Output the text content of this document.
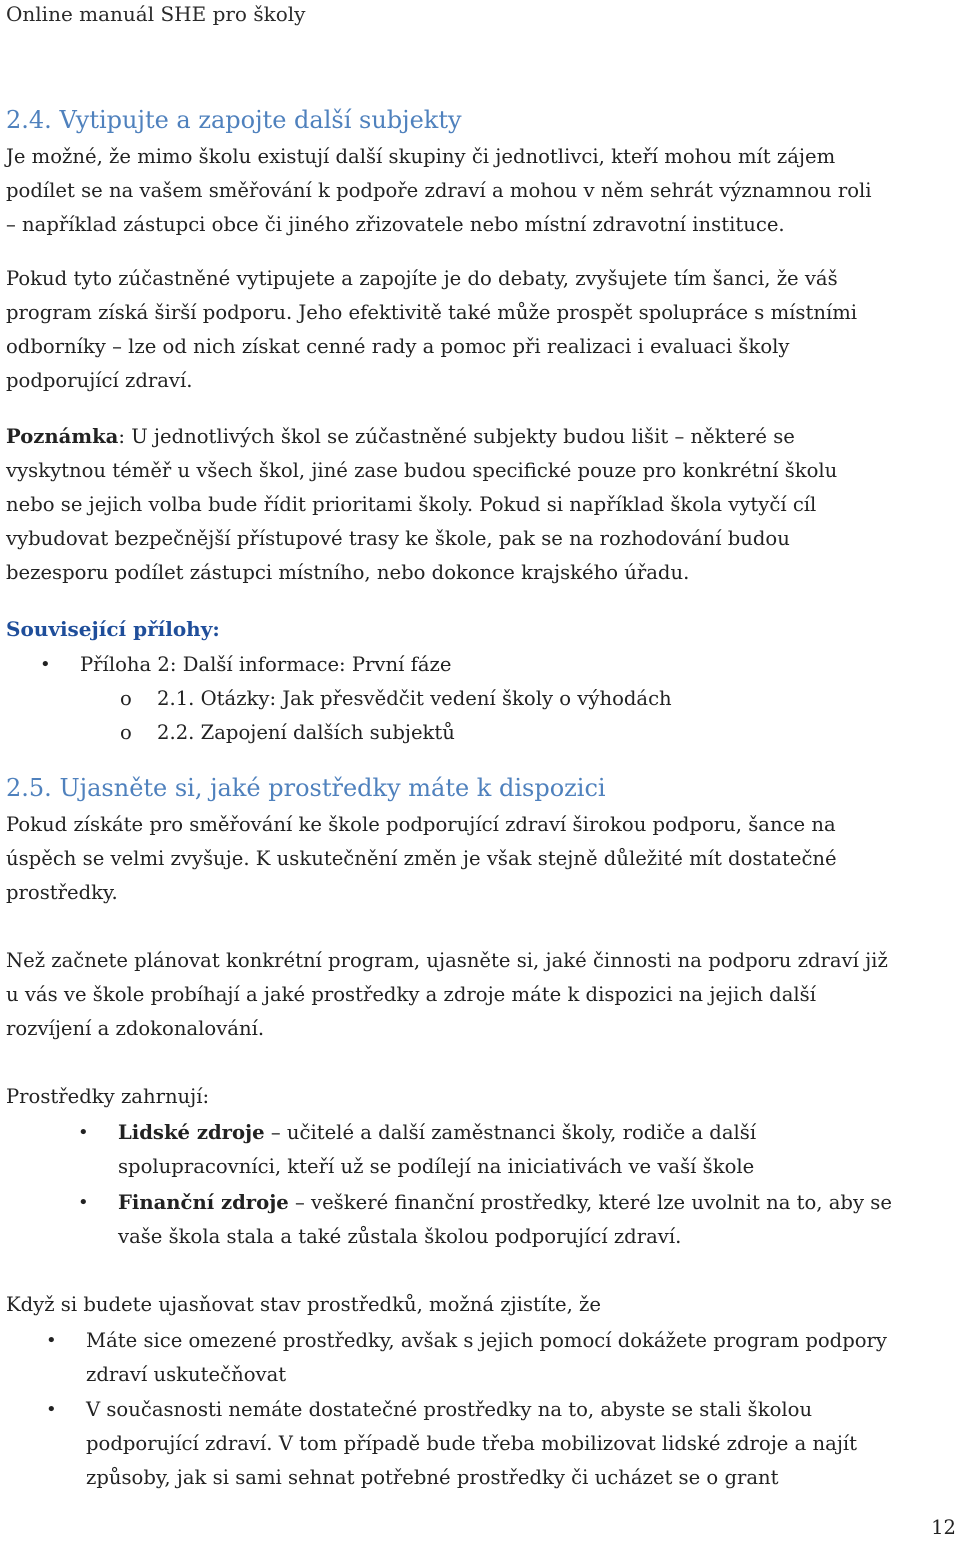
Online manuál SHE pro školy
2.4. Vytipujte a zapojte další subjekty
Je možné, že mimo školu existují další skupiny či jednotlivci, kteří mohou mít zájem
podílet se na vašem směřování k podpoře zdraví a mohou v něm sehrát významnou roli
– například zástupci obce či jiného zřizovatele nebo místní zdravotní instituce.
Pokud tyto zúčastněné vytipujete a zapojíte je do debaty, zvyšujete tím šanci, že váš
program získá širší podporu. Jeho efektivitě také může prospět spolupráce s místními
odborníky – lze od nich získat cenné rady a pomoc při realizaci i evaluaci školy
podporující zdraví.
Poznámka: U jednotlivých škol se zúčastněné subjekty budou lišit – některé se
vyskytnou téměř u všech škol, jiné zase budou specifické pouze pro konkrétní školu
nebo se jejich volba bude řídit prioritami školy. Pokud si například škola vytyčí cíl
vybudovat bezpečnější přístupové trasy ke škole, pak se na rozhodování budou
bezesporu podílet zástupci místního, nebo dokonce krajského úřadu.
Související přílohy:
• Příloha 2: Další informace: První fáze
o 2.1. Otázky: Jak přesvědčit vedení školy o výhodách
o 2.2. Zapojení dalších subjektů
2.5. Ujasněte si, jaké prostředky máte k dispozici
Pokud získáte pro směřování ke škole podporující zdraví širokou podporu, šance na
úspěch se velmi zvyšuje. K uskutečnění změn je však stejně důležité mít dostatečné
prostředky.
Než začnete plánovat konkrétní program, ujasněte si, jaké činnosti na podporu zdraví již
u vás ve škole probíhají a jaké prostředky a zdroje máte k dispozici na jejich další
rozvíjení a zdokonalování.
Prostředky zahrnují:
• Lidské zdroje – učitelé a další zaměstnanci školy, rodiče a další
spolupracovníci, kteří už se podílejí na iniciativách ve vaší škole
• Finanční zdroje – veškeré finanční prostředky, které lze uvolnit na to, aby se
vaše škola stala a také zůstala školou podporující zdraví.
Když si budete ujasňovat stav prostředků, možná zjistíte, že
• Máte sice omezené prostředky, avšak s jejich pomocí dokážete program podpory
zdraví uskutečňovat
• V současnosti nemáte dostatečné prostředky na to, abyste se stali školou
podporující zdraví. V tom případě bude třeba mobilizovat lidské zdroje a najít
způsoby, jak si sami sehnat potřebné prostředky či ucházet se o grant
12
